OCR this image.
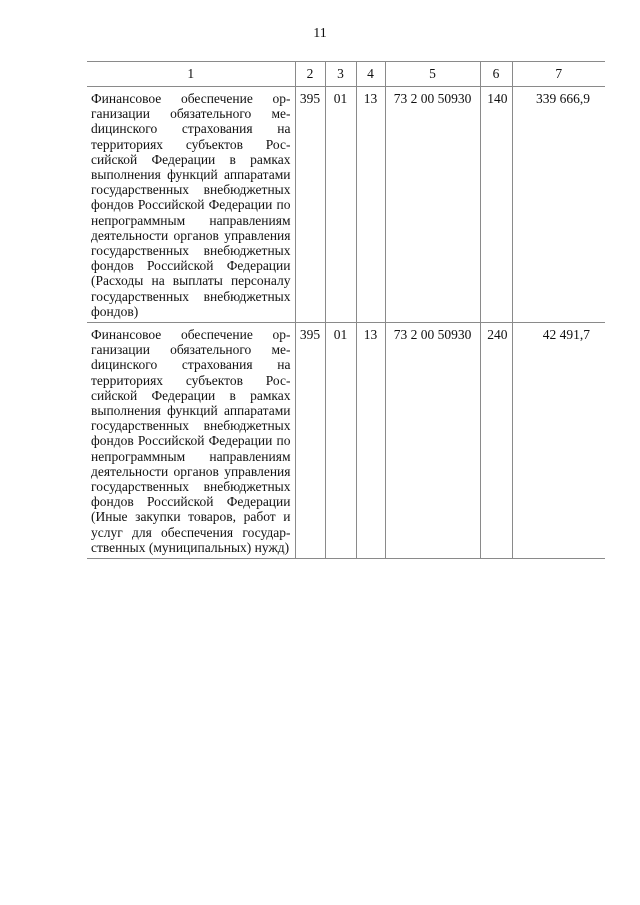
11
1	2	3	4	5	6	7
Финансовое обеспечение организации обязательного меdицинского страхования на территориях субъектов Российской Федерации в рамках выполнения функций аппаратами государственных внебюджетных фондов Российской Федерации по непрограммным направлениям деятельности органов управления государственных внебюджетных фондов Российской Федерации (Расходы на выплаты персоналу государственных внебюджетных фондов)	395	01	13	73 2 00 50930	140	339 666,9
Финансовое обеспечение организации обязательного меdицинского страхования на территориях субъектов Российской Федерации в рамках выполнения функций аппаратами государственных внебюджетных фондов Российской Федерации по непрограммным направлениям деятельности органов управления государственных внебюджетных фондов Российской Федерации (Иные закупки товаров, работ и услуг для обеспечения государственных (муниципальных) нужд)	395	01	13	73 2 00 50930	240	42 491,7
